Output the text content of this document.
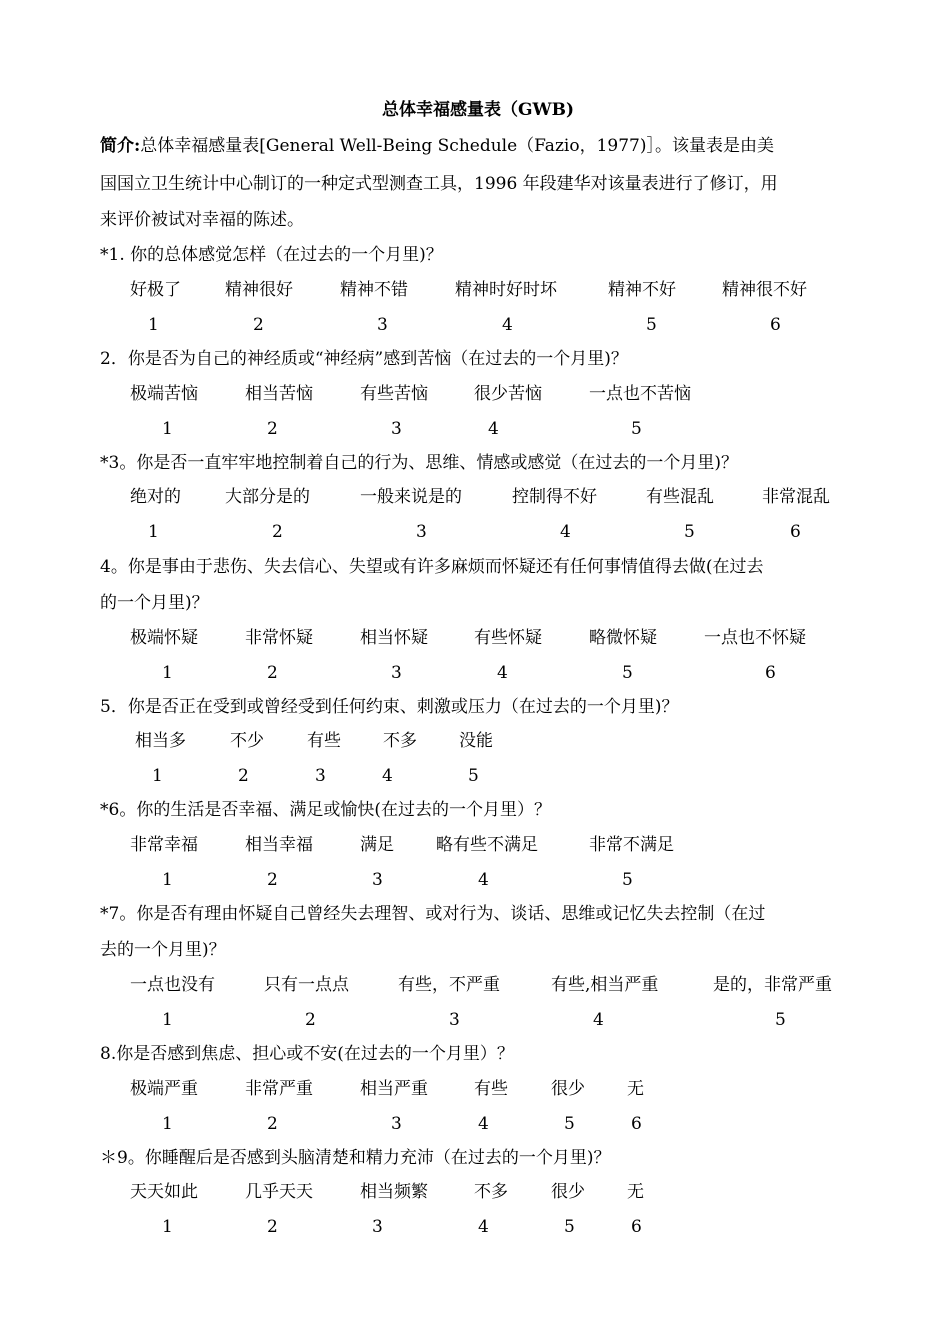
总体幸福感量表（GWB)
简介:总体幸福感量表[General Well-Being Schedule（Fazio，1977)］。该量表是由美
国国立卫生统计中心制订的一种定式型测查工具，1996 年段建华对该量表进行了修订，用
来评价被试对幸福的陈述。
*1. 你的总体感觉怎样（在过去的一个月里)？
好极了	精神很好	精神不错	精神时好时坏	精神不好	精神很不好
1	2	3	4	5	6
2．你是否为自己的神经质或“神经病”感到苦恼（在过去的一个月里)？
极端苦恼	相当苦恼	有些苦恼	很少苦恼	一点也不苦恼
1	2	3	4	5
*3。你是否一直牢牢地控制着自己的行为、思维、情感或感觉（在过去的一个月里)？
绝对的	大部分是的	一般来说是的	控制得不好	有些混乱	非常混乱
1	2	3	4	5	6
4。你是事由于悲伤、失去信心、失望或有许多麻烦而怀疑还有任何事情值得去做(在过去
的一个月里)？
极端怀疑	非常怀疑	相当怀疑	有些怀疑	略微怀疑	一点也不怀疑
1	2	3	4	5	6
5．你是否正在受到或曾经受到任何约束、刺激或压力（在过去的一个月里)？
相当多	不少	有些 不多 没能
1	2	3	4	5
*6。你的生活是否幸福、满足或愉快(在过去的一个月里）？
非常幸福	相当幸福	满足 略有些不满足	非常不满足
1	2	3	4	5
*7。你是否有理由怀疑自己曾经失去理智、或对行为、谈话、思维或记忆失去控制（在过
去的一个月里)？
一点也没有	只有一点点	有些，不严重	有些,相当严重	是的，非常严重
1	2	3	4	5
8.你是否感到焦虑、担心或不安(在过去的一个月里）？
极端严重	非常严重	相当严重	有些	很少 无
1	2	3	4	5	6
＊9。你睡醒后是否感到头脑清楚和精力充沛（在过去的一个月里)？
天天如此	几乎天天	相当频繁	不多	很少 无
1	2	3	4	5	6
